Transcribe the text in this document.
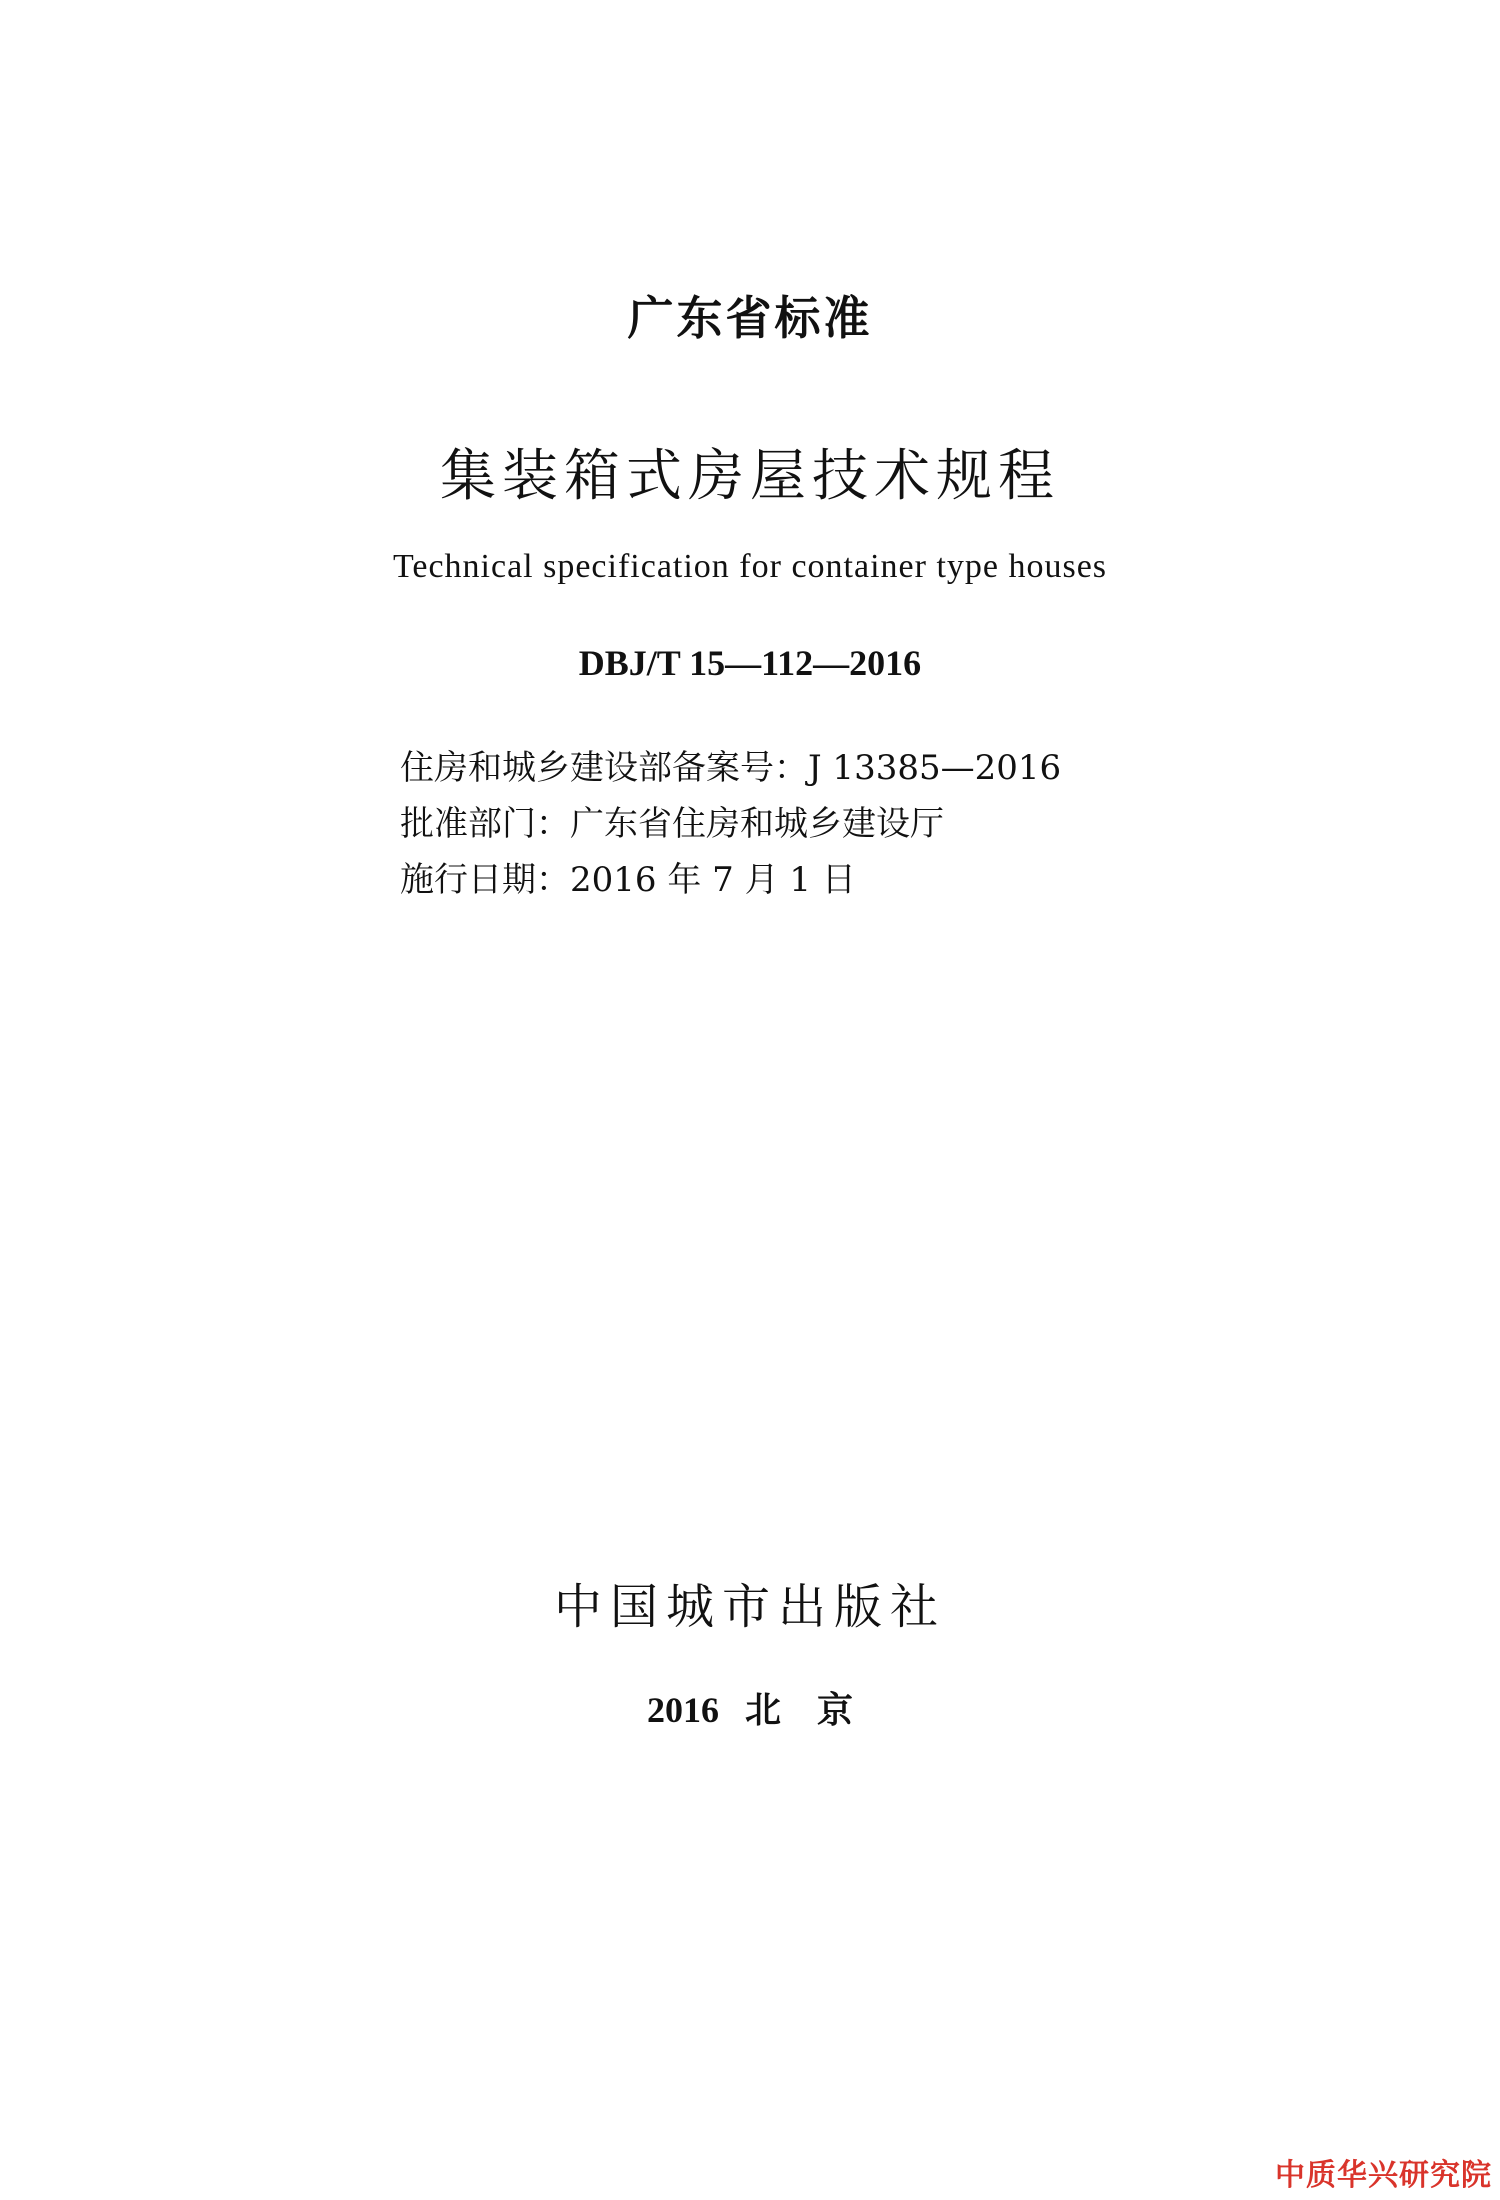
广东省标准
集装箱式房屋技术规程
Technical specification for container type houses
DBJ/T 15—112—2016
住房和城乡建设部备案号：J 13385—2016
批准部门：广东省住房和城乡建设厅
施行日期：2016 年 7 月 1 日
中国城市出版社
2016 北　京
中质华兴研究院
